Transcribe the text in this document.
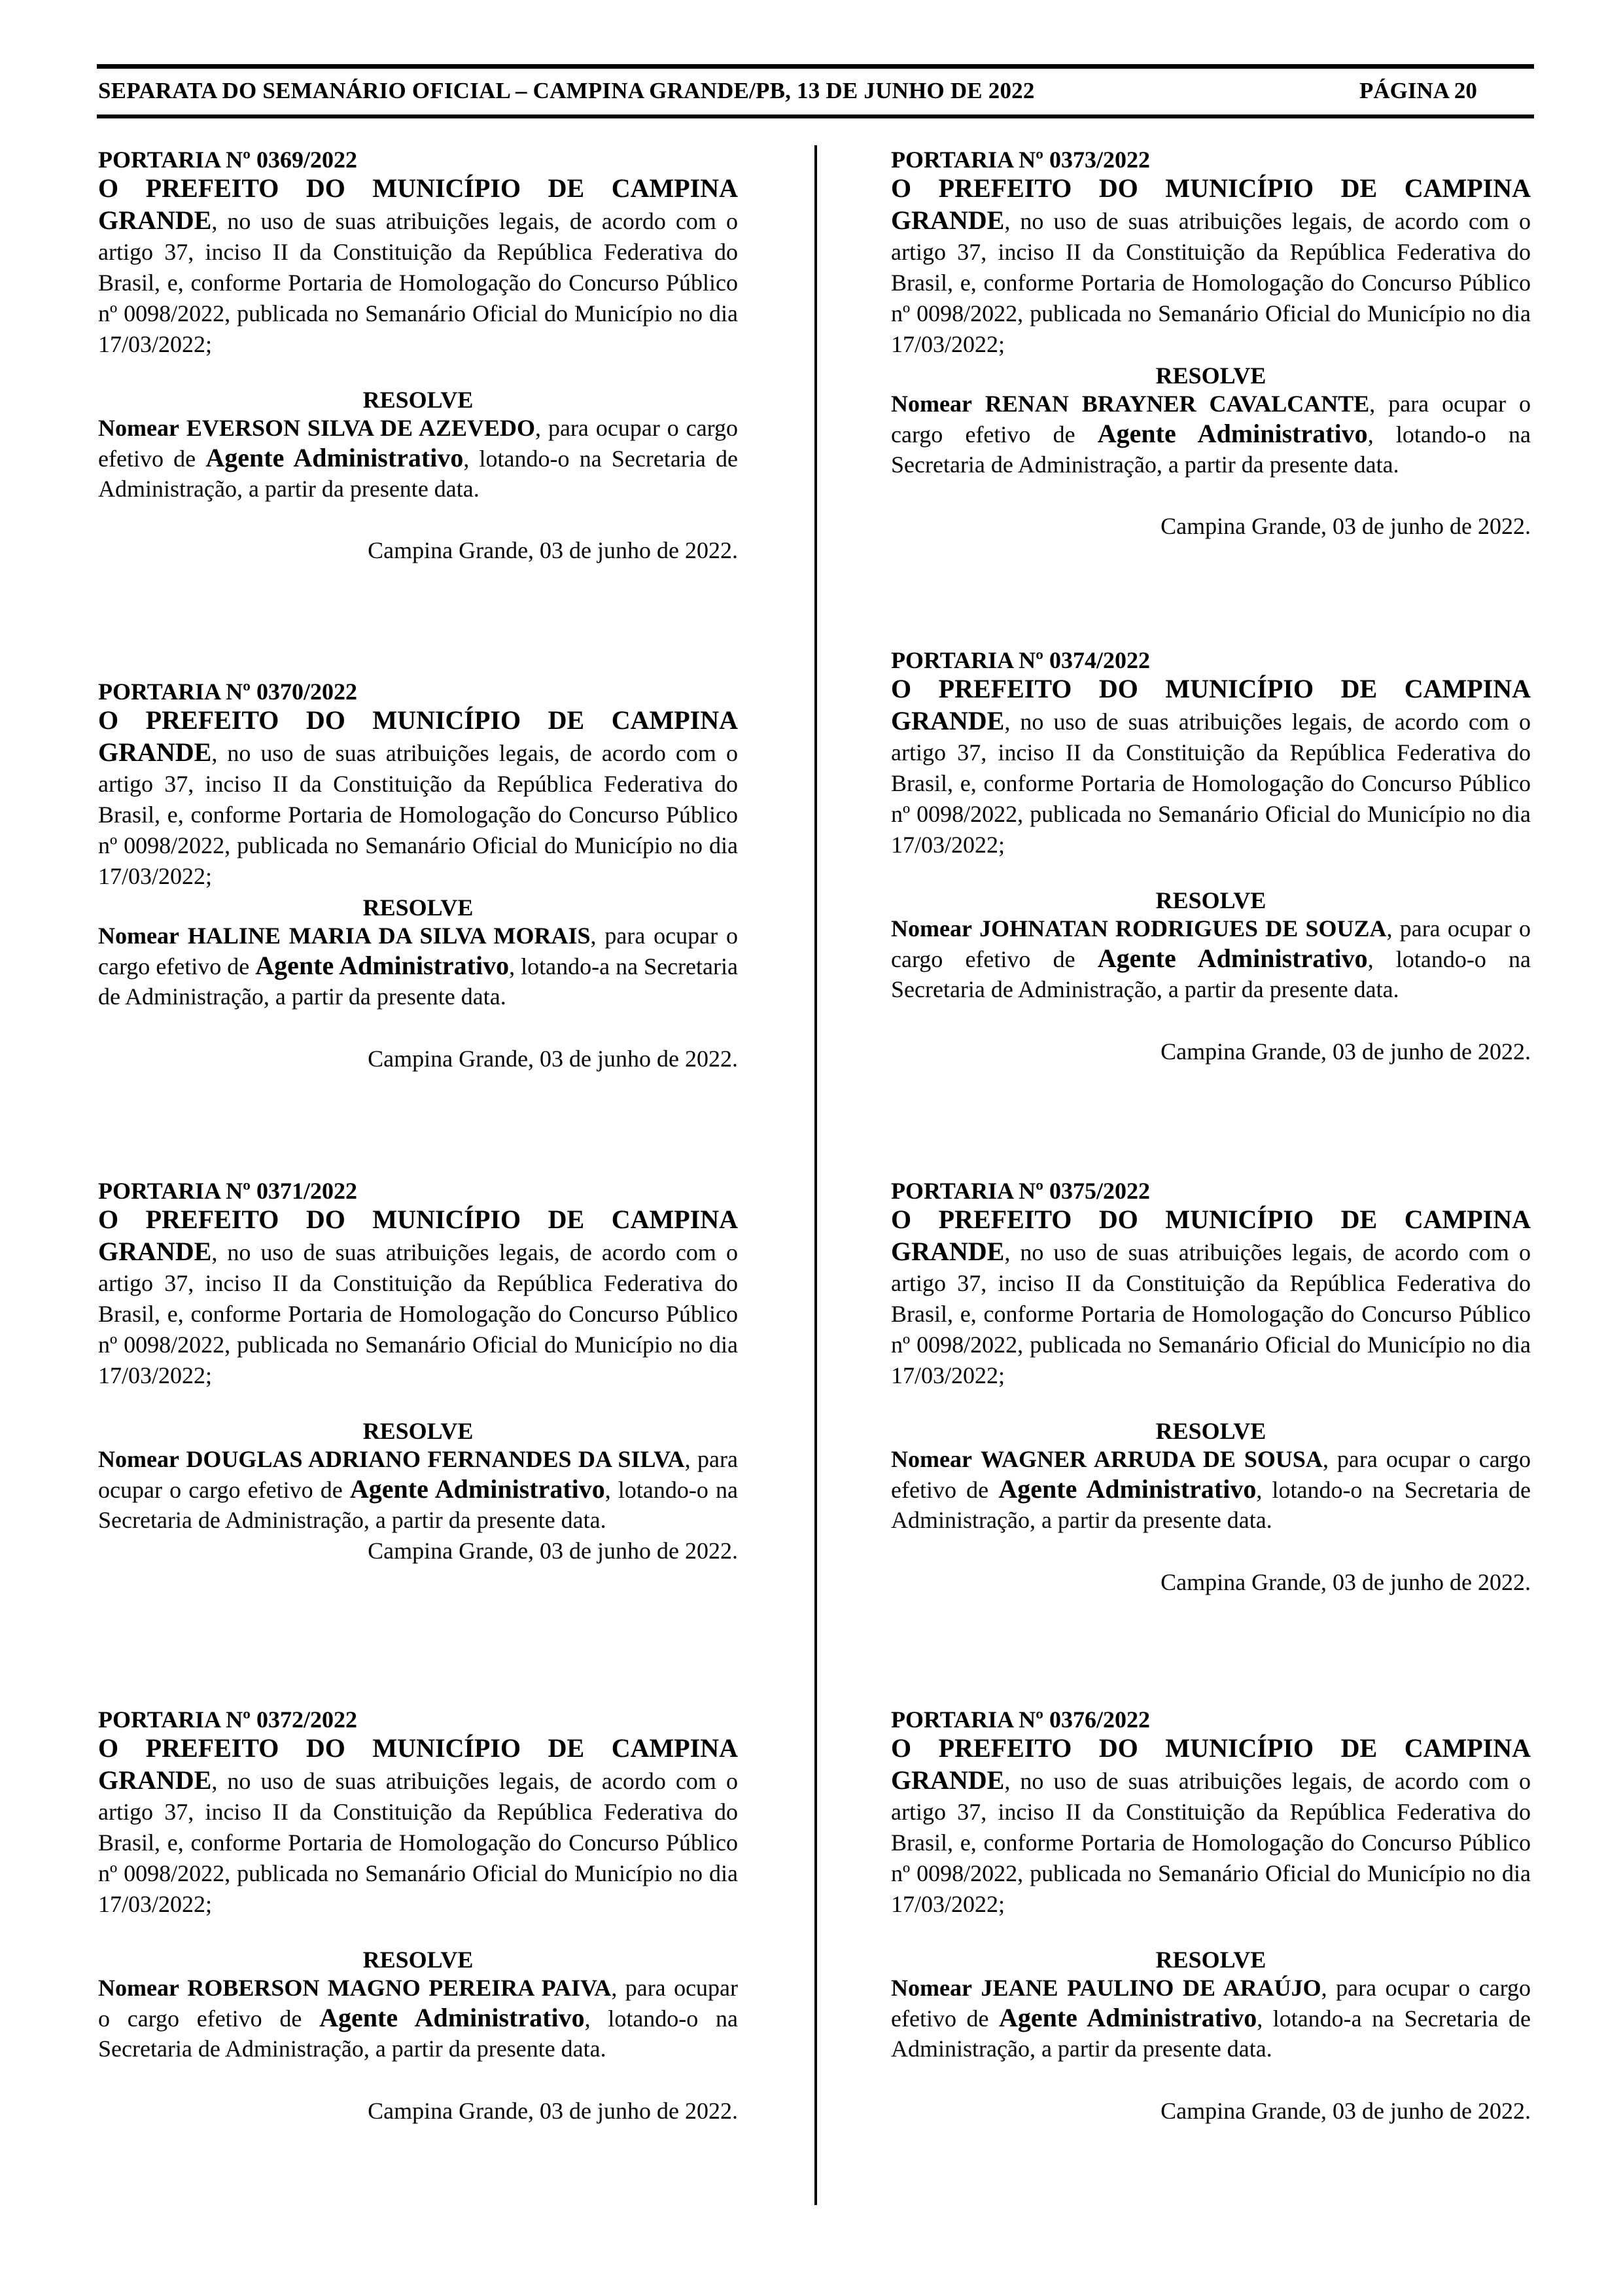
SEPARATA DO SEMANÁRIO OFICIAL – CAMPINA GRANDE/PB, 13 DE JUNHO DE 2022	PÁGINA 20

PORTARIA Nº 0369/2022

O PREFEITO DO MUNICÍPIO DE CAMPINA GRANDE, no uso de suas atribuições legais, de acordo com o artigo 37, inciso II da Constituição da República Federativa do Brasil, e, conforme Portaria de Homologação do Concurso Público nº 0098/2022, publicada no Semanário Oficial do Município no dia 17/03/2022;

RESOLVE

Nomear EVERSON SILVA DE AZEVEDO, para ocupar o cargo efetivo de Agente Administrativo, lotando-o na Secretaria de Administração, a partir da presente data.

Campina Grande, 03 de junho de 2022.

PORTARIA Nº 0370/2022

O PREFEITO DO MUNICÍPIO DE CAMPINA GRANDE, no uso de suas atribuições legais, de acordo com o artigo 37, inciso II da Constituição da República Federativa do Brasil, e, conforme Portaria de Homologação do Concurso Público nº 0098/2022, publicada no Semanário Oficial do Município no dia 17/03/2022;

RESOLVE

Nomear HALINE MARIA DA SILVA MORAIS, para ocupar o cargo efetivo de Agente Administrativo, lotando-a na Secretaria de Administração, a partir da presente data.

Campina Grande, 03 de junho de 2022.

PORTARIA Nº 0371/2022

O PREFEITO DO MUNICÍPIO DE CAMPINA GRANDE, no uso de suas atribuições legais, de acordo com o artigo 37, inciso II da Constituição da República Federativa do Brasil, e, conforme Portaria de Homologação do Concurso Público nº 0098/2022, publicada no Semanário Oficial do Município no dia 17/03/2022;

RESOLVE

Nomear DOUGLAS ADRIANO FERNANDES DA SILVA, para ocupar o cargo efetivo de Agente Administrativo, lotando-o na Secretaria de Administração, a partir da presente data.

Campina Grande, 03 de junho de 2022.

PORTARIA Nº 0372/2022

O PREFEITO DO MUNICÍPIO DE CAMPINA GRANDE, no uso de suas atribuições legais, de acordo com o artigo 37, inciso II da Constituição da República Federativa do Brasil, e, conforme Portaria de Homologação do Concurso Público nº 0098/2022, publicada no Semanário Oficial do Município no dia 17/03/2022;

RESOLVE

Nomear ROBERSON MAGNO PEREIRA PAIVA, para ocupar o cargo efetivo de Agente Administrativo, lotando-o na Secretaria de Administração, a partir da presente data.

Campina Grande, 03 de junho de 2022.

PORTARIA Nº 0373/2022

O PREFEITO DO MUNICÍPIO DE CAMPINA GRANDE, no uso de suas atribuições legais, de acordo com o artigo 37, inciso II da Constituição da República Federativa do Brasil, e, conforme Portaria de Homologação do Concurso Público nº 0098/2022, publicada no Semanário Oficial do Município no dia 17/03/2022;

RESOLVE

Nomear RENAN BRAYNER CAVALCANTE, para ocupar o cargo efetivo de Agente Administrativo, lotando-o na Secretaria de Administração, a partir da presente data.

Campina Grande, 03 de junho de 2022.

PORTARIA Nº 0374/2022

O PREFEITO DO MUNICÍPIO DE CAMPINA GRANDE, no uso de suas atribuições legais, de acordo com o artigo 37, inciso II da Constituição da República Federativa do Brasil, e, conforme Portaria de Homologação do Concurso Público nº 0098/2022, publicada no Semanário Oficial do Município no dia 17/03/2022;

RESOLVE

Nomear JOHNATAN RODRIGUES DE SOUZA, para ocupar o cargo efetivo de Agente Administrativo, lotando-o na Secretaria de Administração, a partir da presente data.

Campina Grande, 03 de junho de 2022.

PORTARIA Nº 0375/2022

O PREFEITO DO MUNICÍPIO DE CAMPINA GRANDE, no uso de suas atribuições legais, de acordo com o artigo 37, inciso II da Constituição da República Federativa do Brasil, e, conforme Portaria de Homologação do Concurso Público nº 0098/2022, publicada no Semanário Oficial do Município no dia 17/03/2022;

RESOLVE

Nomear WAGNER ARRUDA DE SOUSA, para ocupar o cargo efetivo de Agente Administrativo, lotando-o na Secretaria de Administração, a partir da presente data.

Campina Grande, 03 de junho de 2022.

PORTARIA Nº 0376/2022

O PREFEITO DO MUNICÍPIO DE CAMPINA GRANDE, no uso de suas atribuições legais, de acordo com o artigo 37, inciso II da Constituição da República Federativa do Brasil, e, conforme Portaria de Homologação do Concurso Público nº 0098/2022, publicada no Semanário Oficial do Município no dia 17/03/2022;

RESOLVE

Nomear JEANE PAULINO DE ARAÚJO, para ocupar o cargo efetivo de Agente Administrativo, lotando-a na Secretaria de Administração, a partir da presente data.

Campina Grande, 03 de junho de 2022.
